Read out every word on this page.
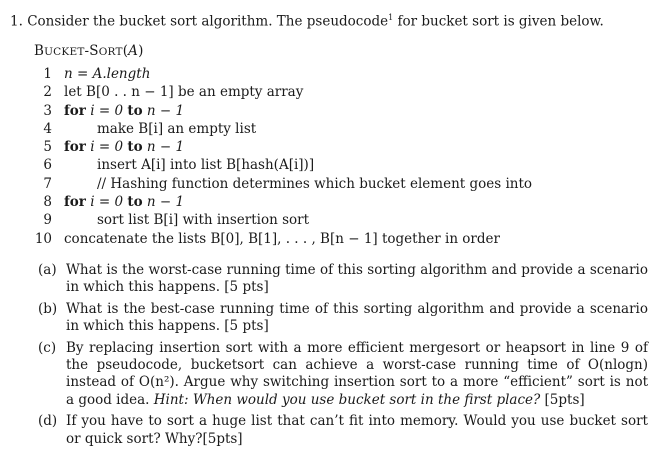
1. Consider the bucket sort algorithm. The pseudocode$^1$ for bucket sort is given below.
BUCKET-SORT(A)
1 n = A.length
2 let B[0 . . n − 1] be an empty array
3 for i = 0 to n − 1
4	make B[i] an empty list
5 for i = 0 to n − 1
6	insert A[i] into list B[hash(A[i])]
7	// Hashing function determines which bucket element goes into
8 for i = 0 to n − 1
9	sort list B[i] with insertion sort
10 concatenate the lists B[0], B[1], . . . , B[n − 1] together in order
(a) What is the worst-case running time of this sorting algorithm and provide a scenario in which this happens. [5 pts]
(b) What is the best-case running time of this sorting algorithm and provide a scenario in which this happens. [5 pts]
(c) By replacing insertion sort with a more efficient mergesort or heapsort in line 9 of the pseudocode, bucketsort can achieve a worst-case running time of O(nlogn) instead of O(n²). Argue why switching insertion sort to a more “efficient” sort is not a good idea. Hint: When would you use bucket sort in the first place? [5pts]
(d) If you have to sort a huge list that can’t fit into memory. Would you use bucket sort or quick sort? Why?[5pts]
